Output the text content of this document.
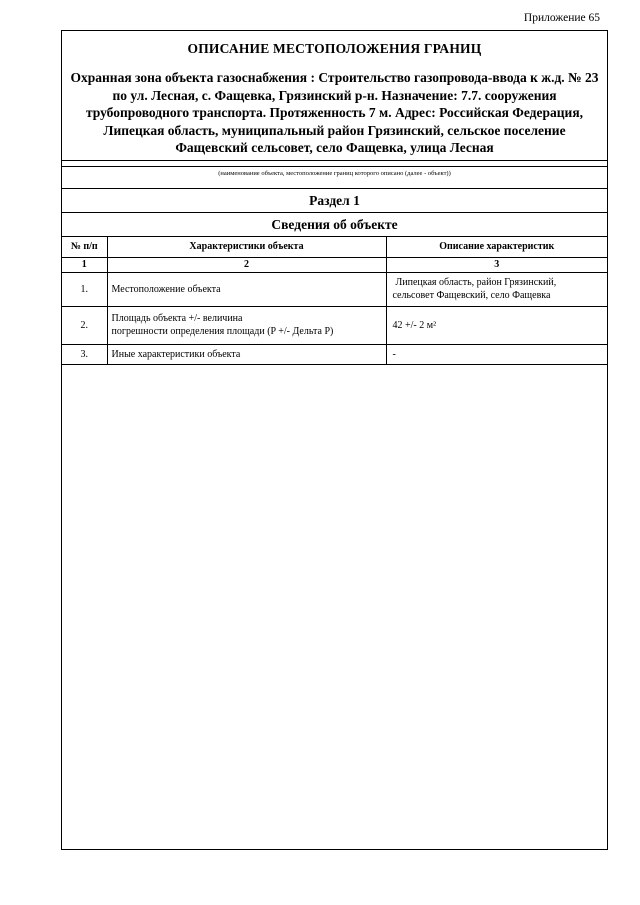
Приложение 65
ОПИСАНИЕ МЕСТОПОЛОЖЕНИЯ ГРАНИЦ
Охранная зона объекта газоснабжения : Строительство газопровода-ввода к ж.д. № 23 по ул. Лесная, с. Фащевка, Грязинский р-н. Назначение: 7.7. сооружения трубопроводного транспорта. Протяженность 7 м. Адрес: Российская Федерация, Липецкая область, муниципальный район Грязинский, сельское поселение Фащевский сельсовет, село Фащевка, улица Лесная
(наименование объекта, местоположение границ которого описано (далее - объект))
Раздел 1
Сведения об объекте
№ п/п	Характеристики объекта	Описание характеристик
1	2	3
1.	Местоположение объекта	Липецкая область, район Грязинский,
сельсовет Фащевский, село Фащевка

2.	Площадь объекта +/- величина
погрешности определения площади (P +/- Дельта P)	42 +/- 2 м²
3.	Иные характеристики объекта	-
